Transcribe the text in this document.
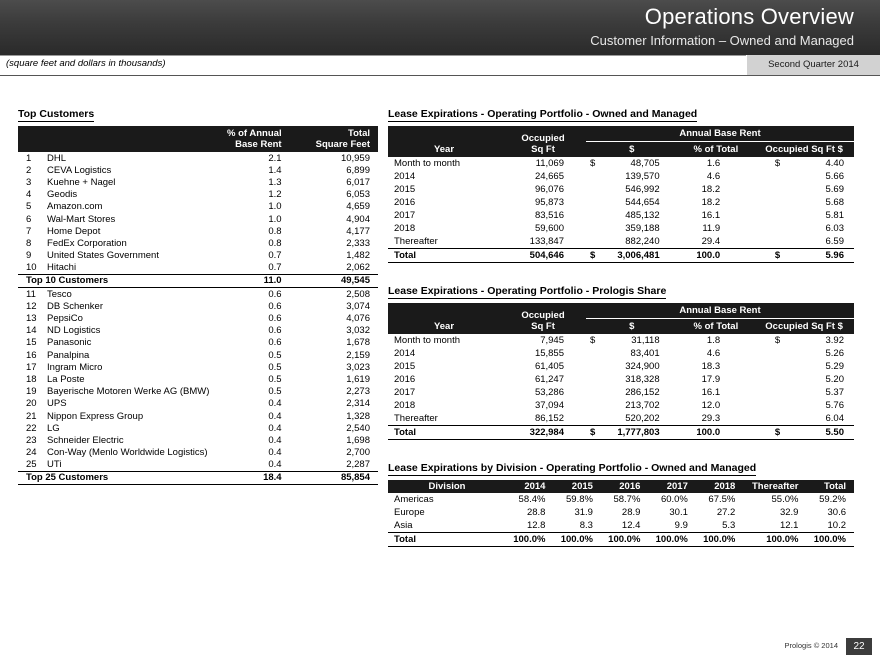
Operations Overview
Customer Information – Owned and Managed
(square feet and dollars in thousands)	Second Quarter 2014
Top Customers

% of Annual
Base Rent

Total
Square Feet

1	DHL	2.1	10,959
2	CEVA Logistics	1.4	6,899
3	Kuehne + Nagel	1.3	6,017
4	Geodis	1.2	6,053
5	Amazon.com	1.0	4,659
6	Wal-Mart Stores	1.0	4,904
7	Home Depot	0.8	4,177
8	FedEx Corporation	0.8	2,333
9	United States Government	0.7	1,482
10	Hitachi	0.7	2,062
Top 10 Customers		11.0	49,545
11	Tesco	0.6	2,508
12	DB Schenker	0.6	3,074
13	PepsiCo	0.6	4,076
14	ND Logistics	0.6	3,032
15	Panasonic	0.6	1,678
16	Panalpina	0.5	2,159
17	Ingram Micro	0.5	3,023
18	La Poste	0.5	1,619
19	Bayerische Motoren Werke AG (BMW)	0.5	2,273
20	UPS	0.4	2,314
21	Nippon Express Group	0.4	1,328
22	LG	0.4	2,540
23	Schneider Electric	0.4	1,698
24	Con-Way (Menlo Worldwide Logistics)	0.4	2,700
25	UTi	0.4	2,287
Top 25 Customers		18.4	85,854
Lease Expirations - Operating Portfolio - Owned and Managed
Year	Occupied
Sq Ft	Annual Base Rent				
		$		% of Total	Occupied Sq Ft $	
Month to month	11,069	$	48,705	1.6	$	4.40
2014	24,665		139,570	4.6		5.66
2015	96,076		546,992	18.2		5.69
2016	95,873		544,654	18.2		5.68
2017	83,516		485,132	16.1		5.81
2018	59,600		359,188	11.9		6.03
Thereafter	133,847		882,240	29.4		6.59
Total	504,646	$	3,006,481	100.0	$	5.96
Lease Expirations - Operating Portfolio - Prologis Share
Year	Occupied
Sq Ft	Annual Base Rent				
		$		% of Total	Occupied Sq Ft $	
Month to month	7,945	$	31,118	1.8	$	3.92
2014	15,855		83,401	4.6		5.26
2015	61,405		324,900	18.3		5.29
2016	61,247		318,328	17.9		5.20
2017	53,286		286,152	16.1		5.37
2018	37,094		213,702	12.0		5.76
Thereafter	86,152		520,202	29.3		6.04
Total	322,984	$	1,777,803	100.0	$	5.50
Lease Expirations by Division - Operating Portfolio - Owned and Managed
Division	2014	2015	2016	2017	2018	Thereafter	Total
Americas	58.4%	59.8%	58.7%	60.0%	67.5%	55.0%	59.2%
Europe	28.8	31.9	28.9	30.1	27.2	32.9	30.6
Asia	12.8	8.3	12.4	9.9	5.3	12.1	10.2
Total	100.0%	100.0%	100.0%	100.0%	100.0%	100.0%	100.0%
Prologis © 2014	22
